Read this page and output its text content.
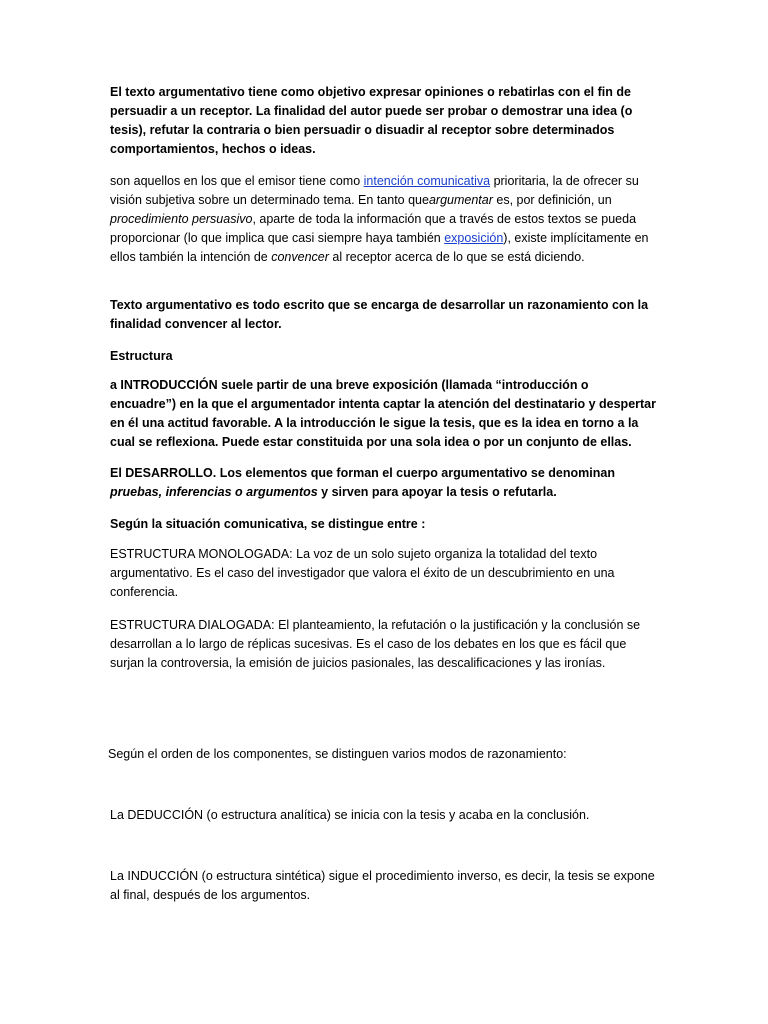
El texto argumentativo tiene como objetivo expresar opiniones o rebatirlas con el fin de persuadir a un receptor. La finalidad del autor puede ser probar o demostrar una idea (o tesis), refutar la contraria o bien persuadir o disuadir al receptor sobre determinados comportamientos, hechos o ideas.

son aquellos en los que el emisor tiene como intención comunicativa prioritaria, la de ofrecer su visión subjetiva sobre un determinado tema. En tanto queargumentar es, por definición, un procedimiento persuasivo, aparte de toda la información que a través de estos textos se pueda proporcionar (lo que implica que casi siempre haya también exposición), existe implícitamente en ellos también la intención de convencer al receptor acerca de lo que se está diciendo.

Texto argumentativo es todo escrito que se encarga de desarrollar un razonamiento con la finalidad convencer al lector.

Estructura

a INTRODUCCIÓN suele partir de una breve exposición (llamada “introducción o encuadre”) en la que el argumentador intenta captar la atención del destinatario y despertar en él una actitud favorable. A la introducción le sigue la tesis, que es la idea en torno a la cual se reflexiona. Puede estar constituida por una sola idea o por un conjunto de ellas.

El DESARROLLO. Los elementos que forman el cuerpo argumentativo se denominan pruebas, inferencias o argumentos y sirven para apoyar la tesis o refutarla.

Según la situación comunicativa, se distingue entre :

ESTRUCTURA MONOLOGADA: La voz de un solo sujeto organiza la totalidad del texto argumentativo. Es el caso del investigador que valora el éxito de un descubrimiento en una conferencia.

ESTRUCTURA DIALOGADA: El planteamiento, la refutación o la justificación y la conclusión se desarrollan a lo largo de réplicas sucesivas. Es el caso de los debates en los que es fácil que surjan la controversia, la emisión de juicios pasionales, las descalificaciones y las ironías.

Según el orden de los componentes, se distinguen varios modos de razonamiento:

La DEDUCCIÓN (o estructura analítica) se inicia con la tesis y acaba en la conclusión.

La INDUCCIÓN (o estructura sintética) sigue el procedimiento inverso, es decir, la tesis se expone al final, después de los argumentos.
